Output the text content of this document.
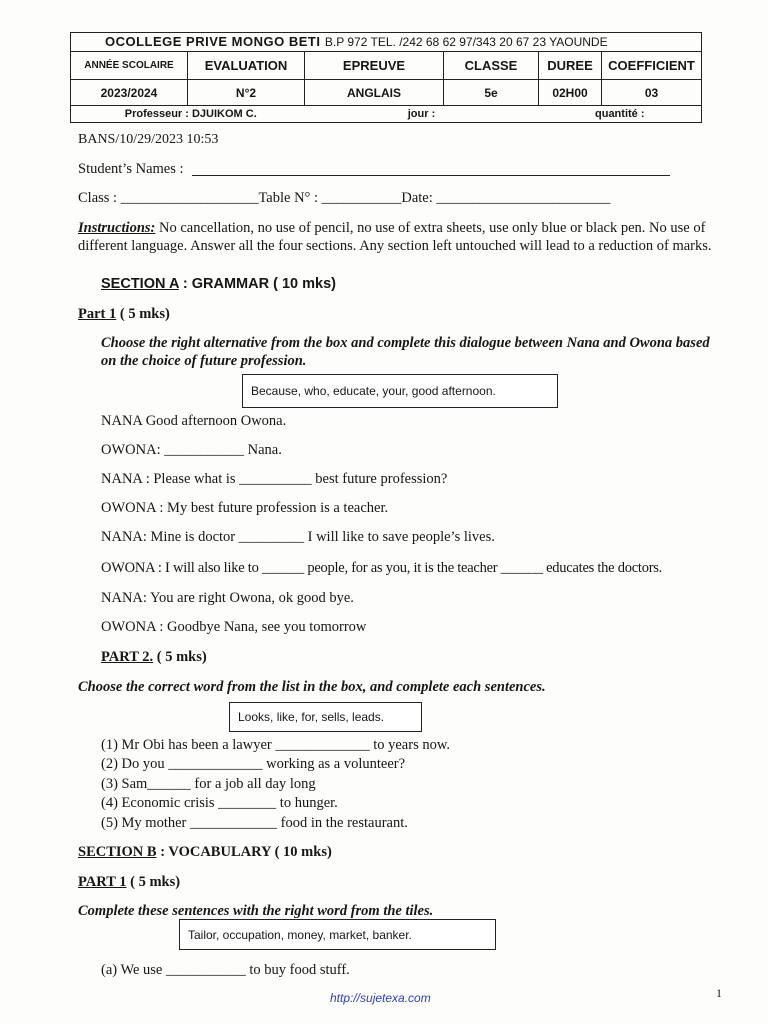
OCOLLEGE PRIVE MONGO BETI B.P 972 TEL. /242 68 62 97/343 20 67 23 YAOUNDE					
ANNÉE SCOLAIRE	EVALUATION	EPREUVE	CLASSE	DUREE	COEFFICIENT
2023/2024	N°2	ANGLAIS	5e	02H00	03
Professeur : DJUIKOM C.		jour :		quantité :	
BANS/10/29/2023 10:53
Student’s Names :
Class : ___________________Table N° : ___________Date: ________________________
Instructions: No cancellation, no use of pencil, no use of extra sheets, use only blue or black pen. No use of different language. Answer all the four sections. Any section left untouched will lead to a reduction of marks.
SECTION A : GRAMMAR ( 10 mks)
Part 1 ( 5 mks)
Choose the right alternative from the box and complete this dialogue between Nana and Owona based on the choice of future profession.
Because, who, educate, your, good afternoon.
NANA Good afternoon Owona.
OWONA: ___________ Nana.
NANA : Please what is __________ best future profession?
OWONA : My best future profession is a teacher.
NANA: Mine is doctor _________ I will like to save people’s lives.
OWONA : I will also like to ______ people, for as you, it is the teacher ______ educates the doctors.
NANA: You are right Owona, ok good bye.
OWONA : Goodbye Nana, see you tomorrow
PART 2. ( 5 mks)
Choose the correct word from the list in the box, and complete each sentences.
Looks, like, for, sells, leads.
(1) Mr Obi has been a lawyer _____________ to years now.
(2) Do you _____________ working as a volunteer?
(3) Sam______ for a job all day long
(4) Economic crisis ________ to hunger.
(5) My mother ____________ food in the restaurant.
SECTION B : VOCABULARY ( 10 mks)
PART 1 ( 5 mks)
Complete these sentences with the right word from the tiles.
Tailor, occupation, money, market, banker.
(a) We use ___________ to buy food stuff.
http://sujetexa.com	1
